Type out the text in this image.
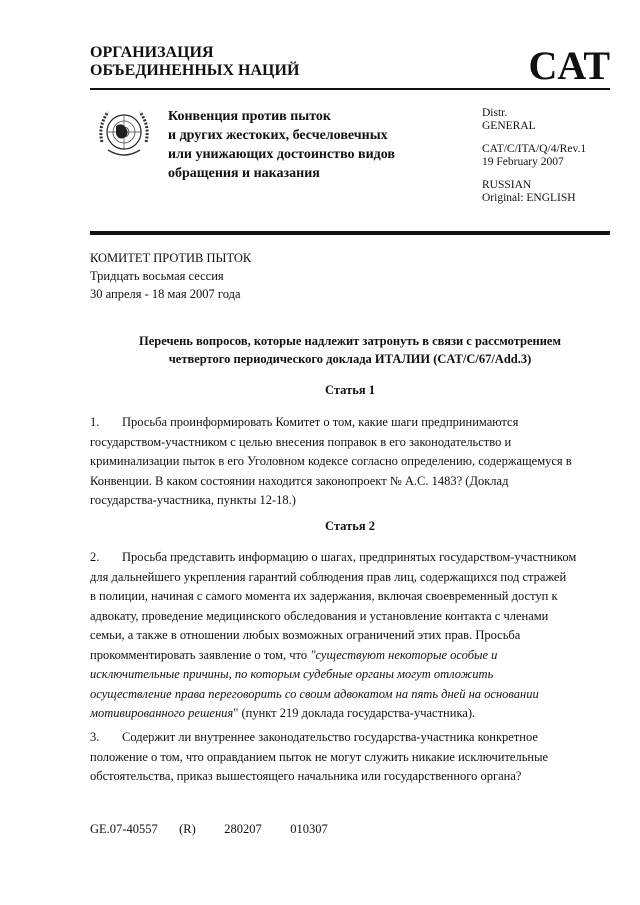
ОРГАНИЗАЦИЯ
ОБЪЕДИНЕННЫХ НАЦИЙ	CAT
Конвенция против пыток
и других жестоких, бесчеловечных
или унижающих достоинство видов
обращения и наказания
Distr.
GENERAL
CAT/C/ITA/Q/4/Rev.1
19 February 2007
RUSSIAN
Original: ENGLISH
КОМИТЕТ ПРОТИВ ПЫТОК
Тридцать восьмая сессия
30 апреля - 18 мая 2007 года
Перечень вопросов, которые надлежит затронуть в связи с рассмотрением
четвертого периодического доклада ИТАЛИИ (CAT/C/67/Add.3)
Статья 1
1. Просьба проинформировать Комитет о том, какие шаги предпринимаются
государством-участником с целью внесения поправок в его законодательство и
криминализации пыток в его Уголовном кодексе согласно определению, содержащемуся в
Конвенции. В каком состоянии находится законопроект № A.C. 1483? (Доклад
государства-участника, пункты 12-18.)
Статья 2
2. Просьба представить информацию о шагах, предпринятых государством-участником
для дальнейшего укрепления гарантий соблюдения прав лиц, содержащихся под стражей
в полиции, начиная с самого момента их задержания, включая своевременный доступ к
адвокату, проведение медицинского обследования и установление контакта с членами
семьи, а также в отношении любых возможных ограничений этих прав. Просьба
прокомментировать заявление о том, что "существуют некоторые особые и
исключительные причины, по которым судебные органы могут отложить
осуществление права переговорить со своим адвокатом на пять дней на основании
мотивированного решения" (пункт 219 доклада государства-участника).
3. Содержит ли внутреннее законодательство государства-участника конкретное
положение о том, что оправданием пыток не могут служить никакие исключительные
обстоятельства, приказ вышестоящего начальника или государственного органа?
GE.07-40557   (R)    280207    010307
